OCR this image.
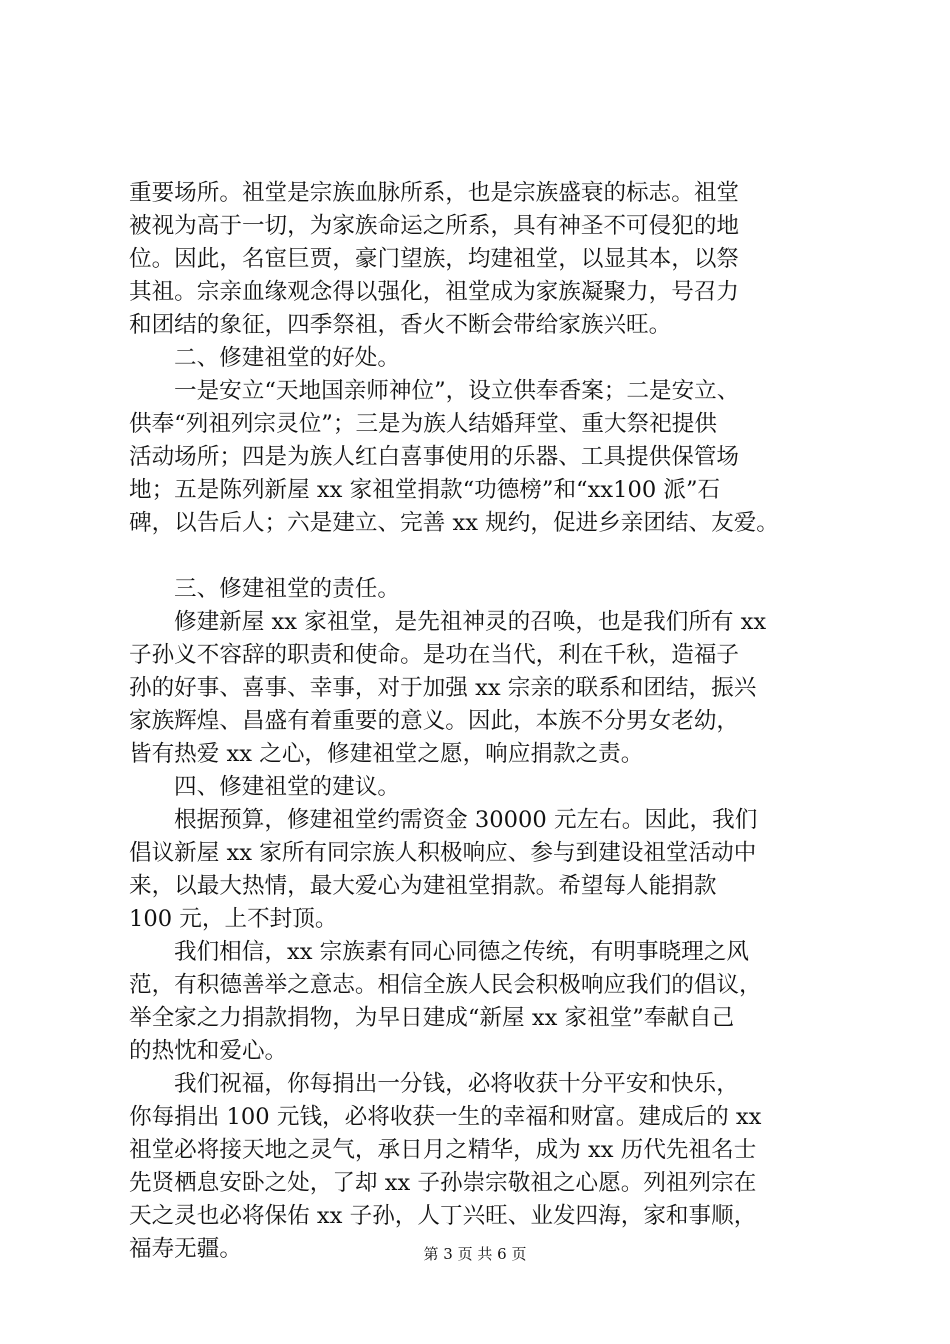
重要场所。祖堂是宗族血脉所系，也是宗族盛衰的标志。祖堂
被视为高于一切，为家族命运之所系，具有神圣不可侵犯的地
位。因此，名宦巨贾，豪门望族，均建祖堂，以显其本，以祭
其祖。宗亲血缘观念得以强化，祖堂成为家族凝聚力，号召力
和团结的象征，四季祭祖，香火不断会带给家族兴旺。
二、修建祖堂的好处。
一是安立“天地国亲师神位”，设立供奉香案；二是安立、
供奉“列祖列宗灵位”；三是为族人结婚拜堂、重大祭祀提供
活动场所；四是为族人红白喜事使用的乐器、工具提供保管场
地；五是陈列新屋 xx 家祖堂捐款“功德榜”和“xx100 派”石
碑，以告后人；六是建立、完善 xx 规约，促进乡亲团结、友爱。
三、修建祖堂的责任。
修建新屋 xx 家祖堂，是先祖神灵的召唤，也是我们所有 xx
子孙义不容辞的职责和使命。是功在当代，利在千秋，造福子
孙的好事、喜事、幸事，对于加强 xx 宗亲的联系和团结，振兴
家族辉煌、昌盛有着重要的意义。因此，本族不分男女老幼，
皆有热爱 xx 之心，修建祖堂之愿，响应捐款之责。
四、修建祖堂的建议。
根据预算，修建祖堂约需资金 30000 元左右。因此，我们
倡议新屋 xx 家所有同宗族人积极响应、参与到建设祖堂活动中
来，以最大热情，最大爱心为建祖堂捐款。希望每人能捐款
100 元，上不封顶。
我们相信，xx 宗族素有同心同德之传统，有明事晓理之风
范，有积德善举之意志。相信全族人民会积极响应我们的倡议，
举全家之力捐款捐物，为早日建成“新屋 xx 家祖堂”奉献自己
的热忱和爱心。
我们祝福，你每捐出一分钱，必将收获十分平安和快乐，
你每捐出 100 元钱，必将收获一生的幸福和财富。建成后的 xx
祖堂必将接天地之灵气，承日月之精华，成为 xx 历代先祖名士
先贤栖息安卧之处，了却 xx 子孙崇宗敬祖之心愿。列祖列宗在
天之灵也必将保佑 xx 子孙，人丁兴旺、业发四海，家和事顺，
福寿无疆。	第 3 页 共 6 页
